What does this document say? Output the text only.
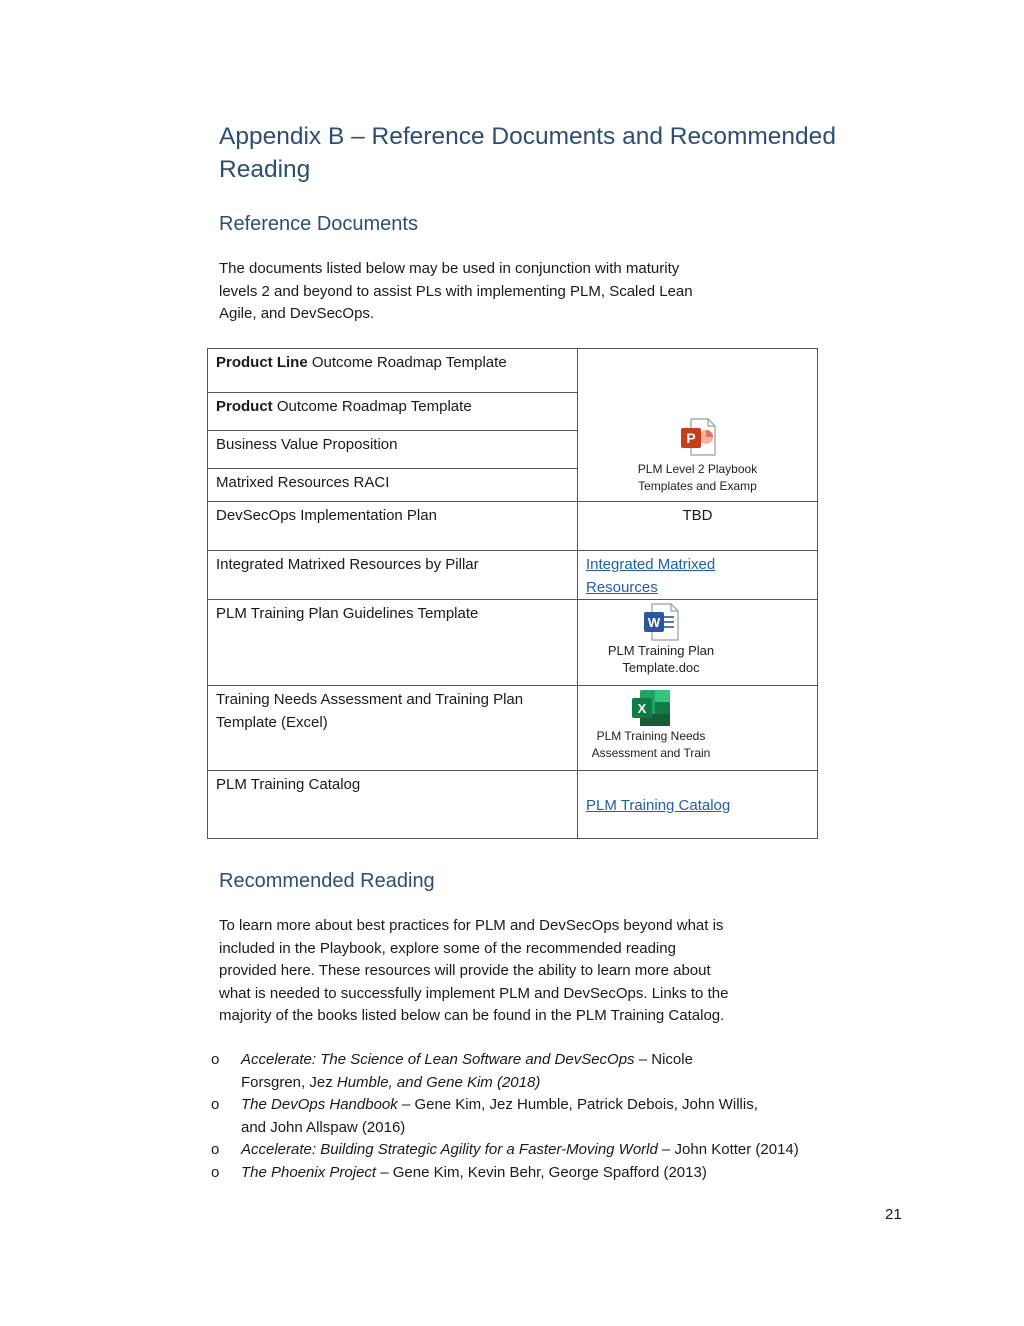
Appendix B – Reference Documents and Recommended Reading
Reference Documents

The documents listed below may be used in conjunction with maturity
levels 2 and beyond to assist PLs with implementing PLM, Scaled Lean
Agile, and DevSecOps.

Product Line Outcome Roadmap Template	P
PLM Level 2 Playbook
Templates and Examp

Product Outcome Roadmap Template	
Business Value Proposition	
Matrixed Resources RACI	
DevSecOps Implementation Plan	TBD
Integrated Matrixed Resources by Pillar	Integrated Matrixed
Resources
PLM Training Plan Guidelines Template	W
PLM Training Plan
Template.doc

Training Needs Assessment and Training Plan
Template (Excel)	X
PLM Training Needs
Assessment and Train

PLM Training Catalog	PLM Training Catalog
Recommended Reading

To learn more about best practices for PLM and DevSecOps beyond what is
included in the Playbook, explore some of the recommended reading
provided here. These resources will provide the ability to learn more about
what is needed to successfully implement PLM and DevSecOps. Links to the
majority of the books listed below can be found in the PLM Training Catalog.

o Accelerate: The Science of Lean Software and DevSecOps – Nicole
Forsgren, Jez Humble, and Gene Kim (2018)
o The DevOps Handbook – Gene Kim, Jez Humble, Patrick Debois, John Willis,
and John Allspaw (2016)
o Accelerate: Building Strategic Agility for a Faster-Moving World – John Kotter (2014)
o The Phoenix Project – Gene Kim, Kevin Behr, George Spafford (2013)
21
